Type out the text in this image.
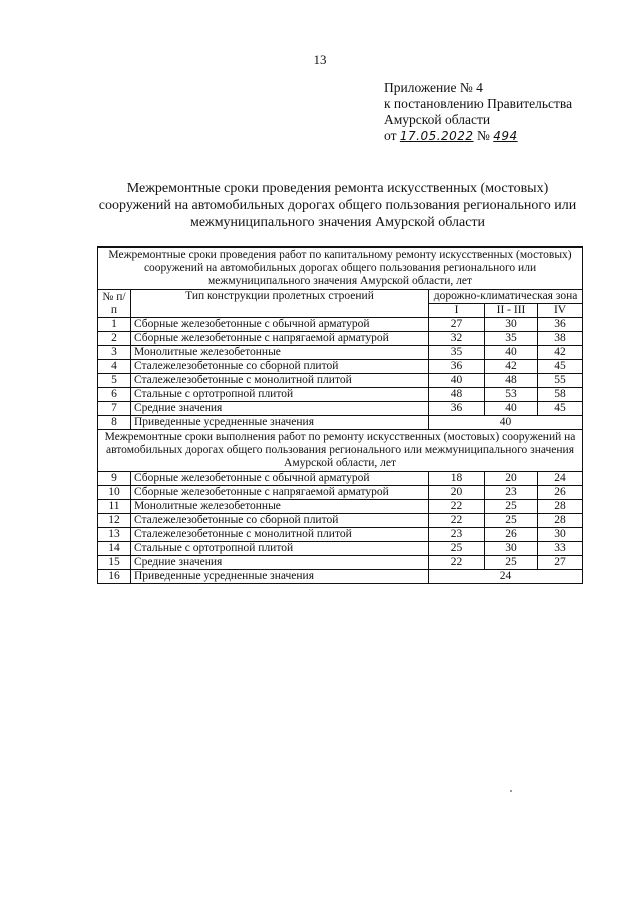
13
Приложение № 4
к постановлению Правительства
Амурской области
от 17.05.2022 № 494
Межремонтные сроки проведения ремонта искусственных (мостовых) сооружений на автомобильных дорогах общего пользования регионального или межмуниципального значения Амурской области
Межремонтные сроки проведения работ по капитальному ремонту искусственных (мостовых) сооружений на автомобильных дорогах общего пользования регионального или межмуниципального значения Амурской области, лет				
№ п/п	Тип конструкции пролетных строений	дорожно-климатическая зона		
		I	II - III	IV
1	Сборные железобетонные с обычной арматурой	27	30	36
2	Сборные железобетонные с напрягаемой арматурой	32	35	38
3	Монолитные железобетонные	35	40	42
4	Сталежелезобетонные со сборной плитой	36	42	45
5	Сталежелезобетонные с монолитной плитой	40	48	55
6	Стальные с ортотропной плитой	48	53	58
7	Средние значения	36	40	45
8	Приведенные усредненные значения	40		
Межремонтные сроки выполнения работ по ремонту искусственных (мостовых) сооружений на автомобильных дорогах общего пользования регионального или межмуниципального значения Амурской области, лет				
9	Сборные железобетонные с обычной арматурой	18	20	24
10	Сборные железобетонные с напрягаемой арматурой	20	23	26
11	Монолитные железобетонные	22	25	28
12	Сталежелезобетонные со сборной плитой	22	25	28
13	Сталежелезобетонные с монолитной плитой	23	26	30
14	Стальные с ортотропной плитой	25	30	33
15	Средние значения	22	25	27
16	Приведенные усредненные значения	24		
